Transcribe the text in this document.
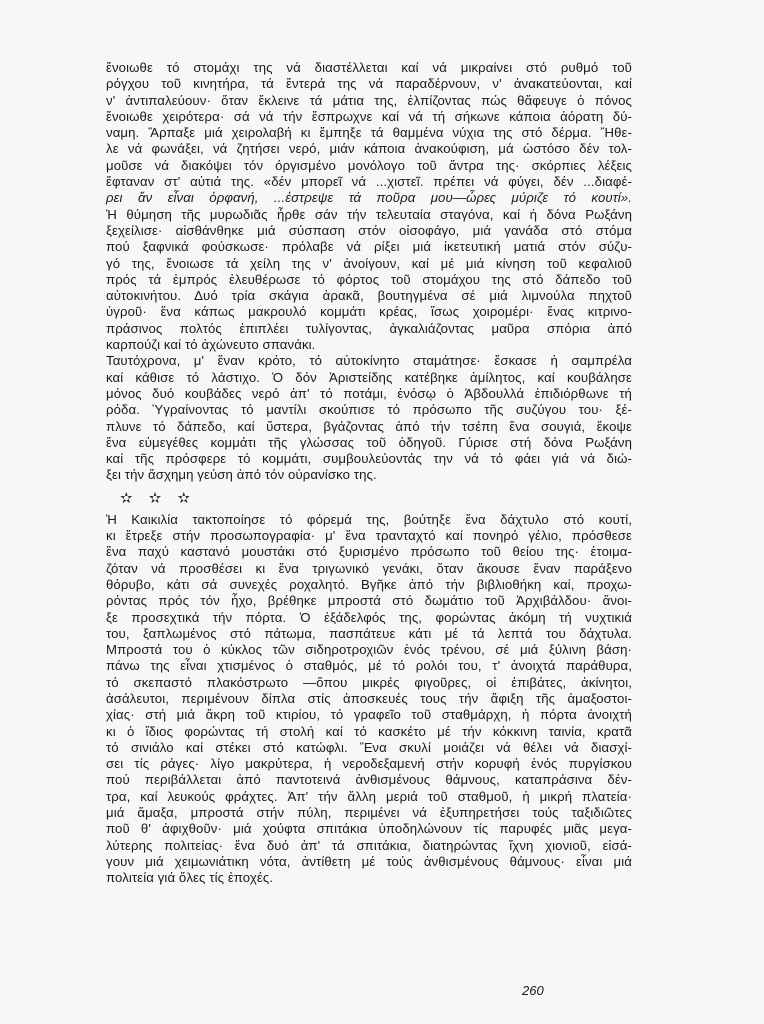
ἔνοιωθε τό στομάχι της νά διαστέλλεται καί νά μικραίνει στό ρυθμό τοῦ
ρόγχου τοῦ κινητήρα, τά ἔντερά της νά παραδέρνουν, ν' ἀνακατεύονται, καί
ν' ἀντιπαλεύουν· ὅταν ἔκλεινε τά μάτια της, ἐλπίζοντας πώς θἄφευγε ὁ πόνος
ἔνοιωθε χειρότερα· σά νά τήν ἔσπρωχνε καί νά τή σήκωνε κάποια ἀόρατη δύ-
ναμη. Ἅρπαξε μιά χειρολαβή κι ἔμπηξε τά θαμμένα νύχια της στό δέρμα. Ἤθε-
λε νά φωνάξει, νά ζητήσει νερό, μιάν κάποια ἀνακούφιση, μά ὡστόσο δέν τολ-
μοῦσε νά διακόψει τόν όργισμένο μονόλογο τοῦ ἄντρα της· σκόρπιες λέξεις
ἔφταναν στ' αὐτιά της. «δέν μπορεῖ νά ...χιστεῖ. πρέπει νά φύγει, δέν ...διαφέ-
ρει ἄν εἶναι ὀρφανή, ...ἐστρεψε τά ποῦρα μου—ὧρες μύριζε τό κουτί».
Ἡ θύμηση τῆς μυρωδιᾶς ἦρθε σάν τήν τελευταία σταγόνα, καί ἡ δόνα Ρωξάνη
ξεχείλισε· αἰσθάνθηκε μιά σύσπαση στόν οἰσοφάγο, μιά γανάδα στό στόμα
πού ξαφνικά φούσκωσε· πρόλαβε νά ρίξει μιά ἱκετευτική ματιά στόν σύζυ-
γό της, ἔνοιωσε τά χείλη της ν' ἀνοίγουν, καί μέ μιά κίνηση τοῦ κεφαλιοῦ
πρός τά ἐμπρός ἐλευθέρωσε τό φόρτος τοῦ στομάχου της στό δάπεδο τοῦ
αὐτοκινήτου. Δυό τρία σκάγια ἀρακᾶ, βουτηγμένα σέ μιά λιμνούλα πηχτοῦ
ὑγροῦ· ἕνα κάπως μακρουλό κομμάτι κρέας, ἴσως χοιρομέρι· ἕνας κιτρινο-
πράσινος πολτός ἐπιπλέει τυλίγοντας, ἀγκαλιάζοντας μαῦρα σπόρια ἀπό
καρπούζι καί τό ἀχώνευτο σπανάκι.
Ταυτόχρονα, μ' ἕναν κρότο, τό αὐτοκίνητο σταμάτησε· ἔσκασε ἡ σαμπρέλα
καί κάθισε τό λάστιχο. Ὁ δόν Ἀριστείδης κατέβηκε ἀμίλητος, καί κουβάλησε
μόνος δυό κουβάδες νερό ἀπ' τό ποτάμι, ἐνόσῳ ὁ Ἀβδουλλά ἐπιδιόρθωνε τή
ρόδα. Ὑγραίνοντας τό μαντίλι σκούπισε τό πρόσωπο τῆς συζύγου του· ξέ-
πλυνε τό δάπεδο, καί ὕστερα, βγάζοντας ἀπό τήν τσέπη ἕνα σουγιά, ἔκοψε
ἕνα εὐμεγέθες κομμάτι τῆς γλώσσας τοῦ ὁδηγοῦ. Γύρισε στή δόνα Ρωξάνη
καί τῆς πρόσφερε τό κομμάτι, συμβουλεύοντάς την νά τό φάει γιά νά διώ-
ξει τήν ἄσχημη γεύση ἀπό τόν οὐρανίσκο της.
✫ ✫ ✫
Ἡ Καικιλία τακτοποίησε τό φόρεμά της, βούτηξε ἕνα δάχτυλο στό κουτί,
κι ἔτρεξε στήν προσωπογραφία· μ' ἕνα τρανταχτό καί πονηρό γέλιο, πρόσθεσε
ἕνα παχύ καστανό μουστάκι στό ξυρισμένο πρόσωπο τοῦ θείου της· ἑτοιμα-
ζόταν νά προσθέσει κι ἕνα τριγωνικό γενάκι, ὅταν ἄκουσε ἕναν παράξενο
θόρυβο, κάτι σά συνεχές ροχαλητό. Βγῆκε ἀπό τήν βιβλιοθήκη καί, προχω-
ρόντας πρός τόν ἦχο, βρέθηκε μπροστά στό δωμάτιο τοῦ Ἀρχιβάλδου· ἄνοι-
ξε προσεχτικά τήν πόρτα. Ὁ ἐξάδελφός της, φορώντας ἀκόμη τή νυχτικιά
του, ξαπλωμένος στό πάτωμα, πασπάτευε κάτι μέ τά λεπτά του δάχτυλα.
Μπροστά του ὁ κύκλος τῶν σιδηροτροχιῶν ἑνός τρένου, σέ μιά ξύλινη βάση·
πάνω της εἶναι χτισμένος ὁ σταθμός, μέ τό ρολόι του, τ' ἀνοιχτά παράθυρα,
τό σκεπαστό πλακόστρωτο —ὅπου μικρές φιγοῦρες, οἱ ἐπιβάτες, ἀκίνητοι,
ἀσάλευτοι, περιμένουν δίπλα στίς ἀποσκευές τους τήν ἄφιξη τῆς ἁμαξοστοι-
χίας· στή μιά ἄκρη τοῦ κτιρίου, τό γραφεῖο τοῦ σταθμάρχη, ἡ πόρτα ἀνοιχτή
κι ὁ ἴδιος φορώντας τή στολή καί τό κασκέτο μέ τήν κόκκινη ταινία, κρατᾶ
τό σινιάλο καί στέκει στό κατώφλι. Ἕνα σκυλί μοιάζει νά θέλει νά διασχί-
σει τίς ράγες· λίγο μακρύτερα, ἡ νεροδεξαμενή στήν κορυφή ἑνός πυργίσκου
πού περιβάλλεται ἀπό παντοτεινά ἀνθισμένους θάμνους, καταπράσινα δέν-
τρα, καί λευκούς φράχτες. Ἀπ' τήν ἄλλη μεριά τοῦ σταθμοῦ, ἡ μικρή πλατεία·
μιά ἅμαξα, μπροστά στήν πύλη, περιμένει νά ἐξυπηρετήσει τούς ταξιδιῶτες
ποῦ θ' ἀφιχθοῦν· μιά χούφτα σπιτάκια ὑποδηλώνουν τίς παρυφές μιᾶς μεγα-
λύτερης πολιτείας· ἕνα δυό ἀπ' τά σπιτάκια, διατηρώντας ἴχνη χιονιοῦ, εἰσά-
γουν μιά χειμωνιάτικη νότα, ἀντίθετη μέ τούς ἀνθισμένους θάμνους· εἶναι μιά
πολιτεία γιά ὅλες τίς ἐποχές.
260
